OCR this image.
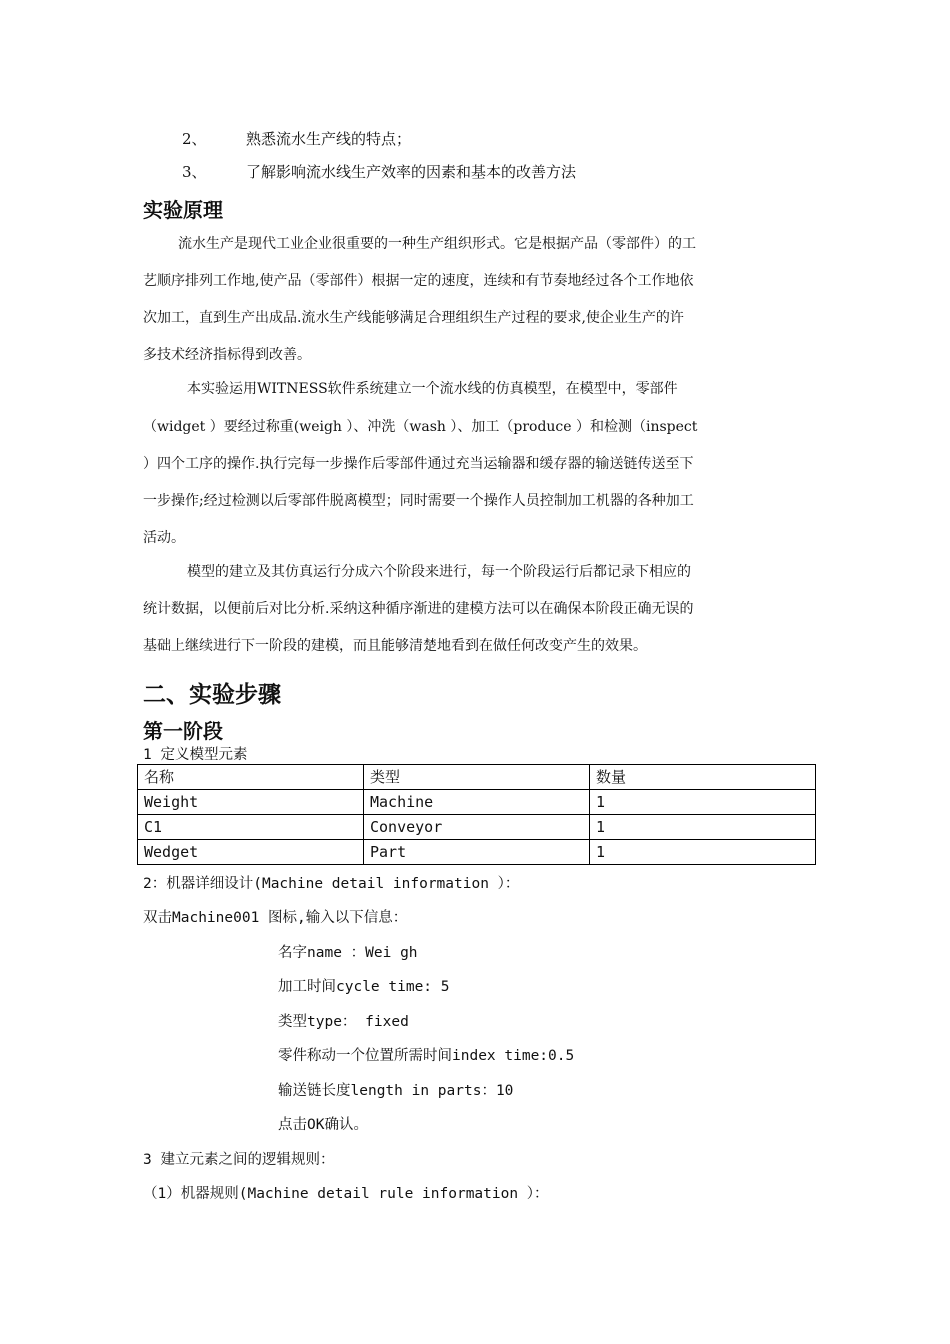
2、	熟悉流水生产线的特点；
3、	了解影响流水线生产效率的因素和基本的改善方法
实验原理
流水生产是现代工业企业很重要的一种生产组织形式。它是根据产品（零部件）的工
艺顺序排列工作地,使产品（零部件）根据一定的速度，连续和有节奏地经过各个工作地依
次加工，直到生产出成品.流水生产线能够满足合理组织生产过程的要求,使企业生产的许
多技术经济指标得到改善。
本实验运用WITNESS软件系统建立一个流水线的仿真模型，在模型中，零部件
（widget ）要经过称重(weigh ）、冲洗（wash ）、加工（produce ）和检测（inspect
）四个工序的操作.执行完每一步操作后零部件通过充当运输器和缓存器的输送链传送至下
一步操作;经过检测以后零部件脱离模型；同时需要一个操作人员控制加工机器的各种加工
活动。
模型的建立及其仿真运行分成六个阶段来进行，每一个阶段运行后都记录下相应的
统计数据，以便前后对比分析.采纳这种循序渐进的建模方法可以在确保本阶段正确无误的
基础上继续进行下一阶段的建模，而且能够清楚地看到在做任何改变产生的效果。
二、实验步骤
第一阶段
1 定义模型元素
名称	类型	数量
Weight	Machine	1
C1	Conveyor	1
Wedget	Part	1
2：机器详细设计(Machine detail information ）：
双击Machine001 图标,输入以下信息：
名字name ：Wei gh
加工时间cycle time: 5
类型type： fixed
零件称动一个位置所需时间index time:0.5
输送链长度length in parts：10
点击OK确认。
3 建立元素之间的逻辑规则：
（1）机器规则(Machine detail rule information ）：
